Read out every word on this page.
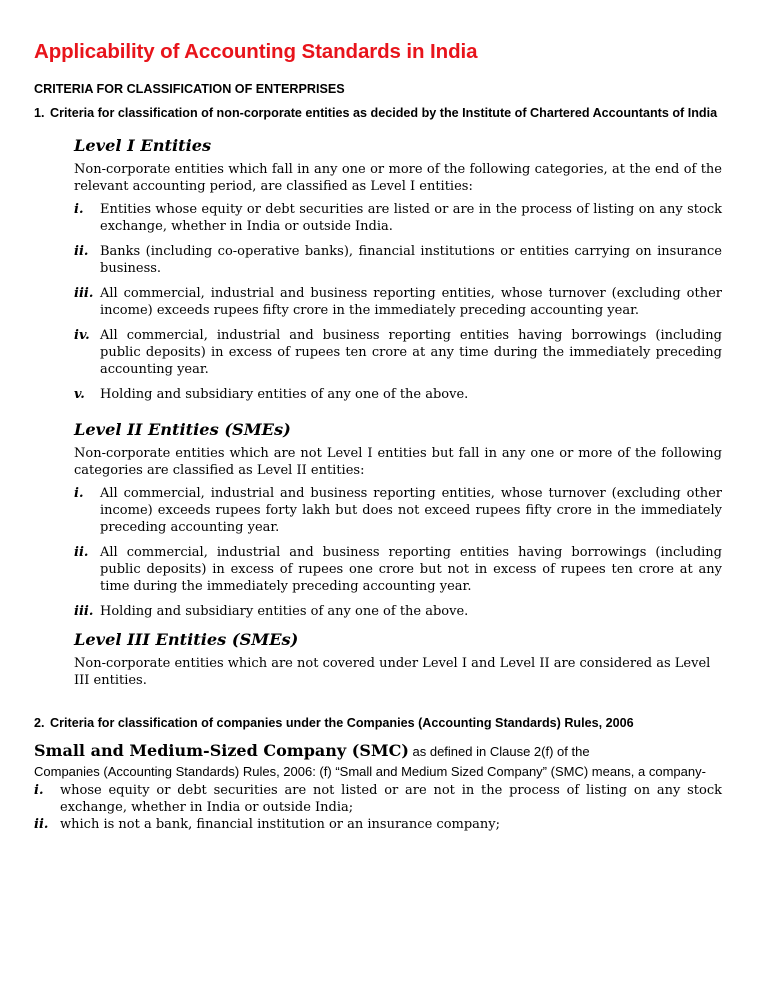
Applicability of Accounting Standards in India
CRITERIA FOR CLASSIFICATION OF ENTERPRISES
1. Criteria for classification of non-corporate entities as decided by the Institute of Chartered Accountants of India
Level I Entities

Non-corporate entities which fall in any one or more of the following categories, at the end of the relevant accounting period, are classified as Level I entities:

i.	Entities whose equity or debt securities are listed or are in the process of listing on any stock exchange, whether in India or outside India.
ii. Banks (including co-operative banks), financial institutions or entities carrying on insurance business.
iii. All commercial, industrial and business reporting entities, whose turnover (excluding other income) exceeds rupees fifty crore in the immediately preceding accounting year.
iv. All commercial, industrial and business reporting entities having borrowings (including public deposits) in excess of rupees ten crore at any time during the immediately preceding accounting year.
v.	Holding and subsidiary entities of any one of the above.
Level II Entities (SMEs)

Non-corporate entities which are not Level I entities but fall in any one or more of the following categories are classified as Level II entities:

i.	All commercial, industrial and business reporting entities, whose turnover (excluding other income) exceeds rupees forty lakh but does not exceed rupees fifty crore in the immediately preceding accounting year.
ii. All commercial, industrial and business reporting entities having borrowings (including public deposits) in excess of rupees one crore but not in excess of rupees ten crore at any time during the immediately preceding accounting year.
iii. Holding and subsidiary entities of any one of the above.
Level III Entities (SMEs)

Non-corporate entities which are not covered under Level I and Level II are considered as Level III entities.

2. Criteria for classification of companies under the Companies (Accounting Standards) Rules, 2006

Small and Medium-Sized Company (SMC) as defined in Clause 2(f) of the

Companies (Accounting Standards) Rules, 2006: (f) “Small and Medium Sized Company” (SMC) means, a company-

i.	whose equity or debt securities are not listed or are not in the process of listing on any stock exchange, whether in India or outside India;
ii. which is not a bank, financial institution or an insurance company;
